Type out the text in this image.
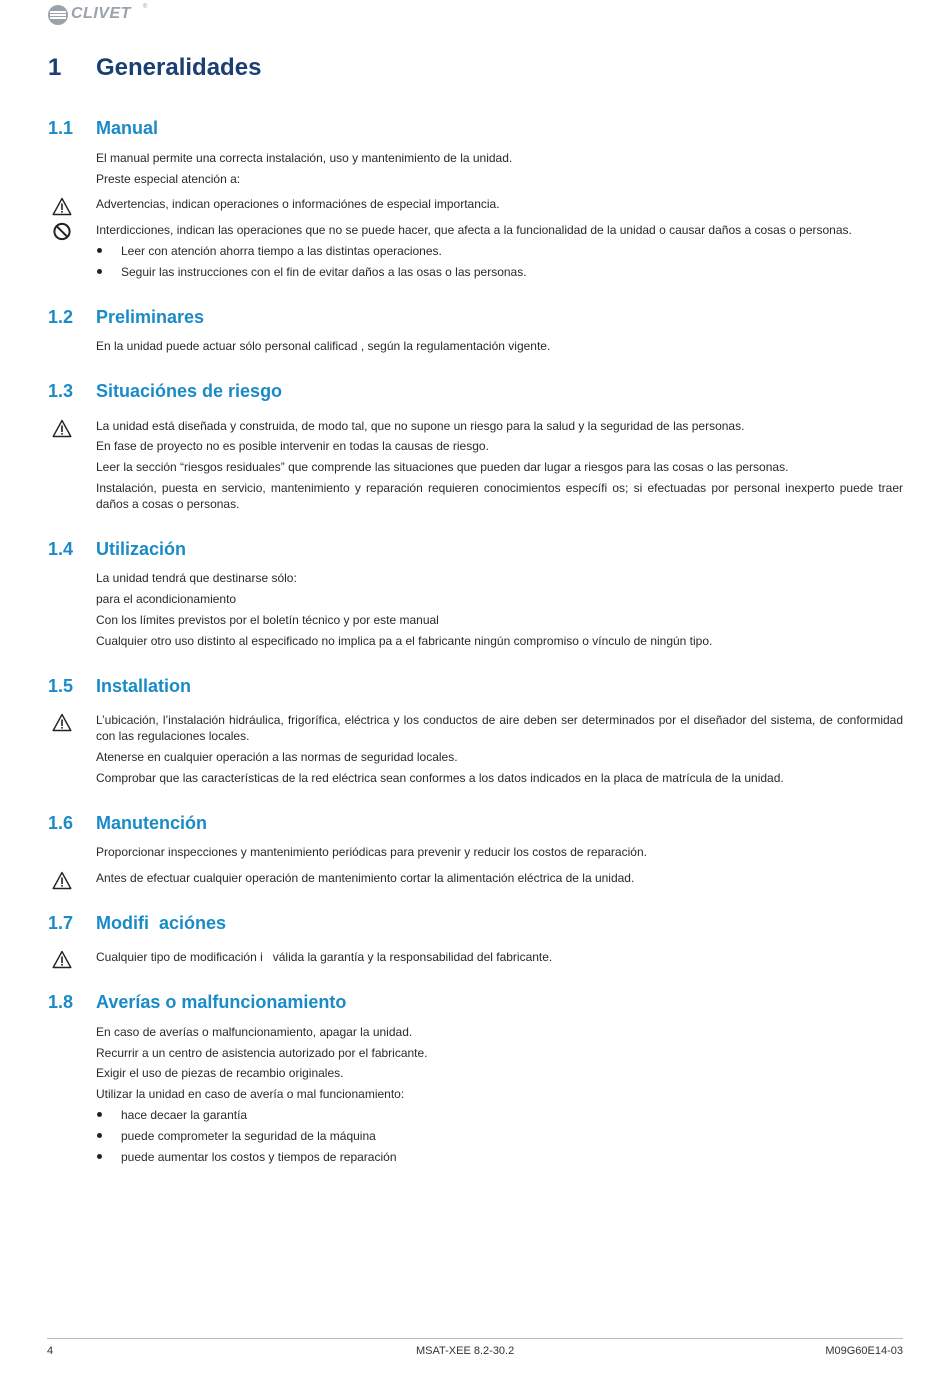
CLIVET ®
1 Generalidades
1.1 Manual
El manual permite una correcta instalación, uso y mantenimiento de la unidad.
Preste especial atención a:
Advertencias, indican operaciones o informaciónes de especial importancia.
Interdicciones, indican las operaciones que no se puede hacer, que afecta a la funcionalidad de la unidad o causar daños a cosas o personas.
Leer con atención ahorra tiempo a las distintas operaciones.
Seguir las instrucciones con el fin de evitar daños a las osas o las personas.
1.2 Preliminares
En la unidad puede actuar sólo personal calificad , según la regulamentación vigente.
1.3 Situaciónes de riesgo
La unidad está diseñada y construida, de modo tal, que no supone un riesgo para la salud y la seguridad de las personas.
En fase de proyecto no es posible intervenir en todas la causas de riesgo.
Leer la sección “riesgos residuales” que comprende las situaciones que pueden dar lugar a riesgos para las cosas o las personas.
Instalación, puesta en servicio, mantenimiento y reparación requieren conocimientos específi os; si efectuadas por personal inexperto puede traer daños a cosas o personas.
1.4 Utilización
La unidad tendrá que destinarse sólo:
para el acondicionamiento
Con los límites previstos por el boletín técnico y por este manual
Cualquier otro uso distinto al especificado no implica pa a el fabricante ningún compromiso o vínculo de ningún tipo.
1.5 Installation
L’ubicación, l’instalación hidráulica, frigorífica, eléctrica y los conductos de aire deben ser determinados por el diseñador del sistema, de conformidad con las regulaciones locales.
Atenerse en cualquier operación a las normas de seguridad locales.
Comprobar que las características de la red eléctrica sean conformes a los datos indicados en la placa de matrícula de la unidad.
1.6 Manutención
Proporcionar inspecciones y mantenimiento periódicas para prevenir y reducir los costos de reparación.
Antes de efectuar cualquier operación de mantenimiento cortar la alimentación eléctrica de la unidad.
1.7 Modifi  aciónes
Cualquier tipo de modificación i   válida la garantía y la responsabilidad del fabricante.
1.8 Averías o malfuncionamiento
En caso de averías o malfuncionamiento, apagar la unidad.
Recurrir a un centro de asistencia autorizado por el fabricante.
Exigir el uso de piezas de recambio originales.
Utilizar la unidad en caso de avería o mal funcionamiento:
hace decaer la garantía
puede comprometer la seguridad de la máquina
puede aumentar los costos y tiempos de reparación
4	MSAT-XEE 8.2-30.2	M09G60E14-03
